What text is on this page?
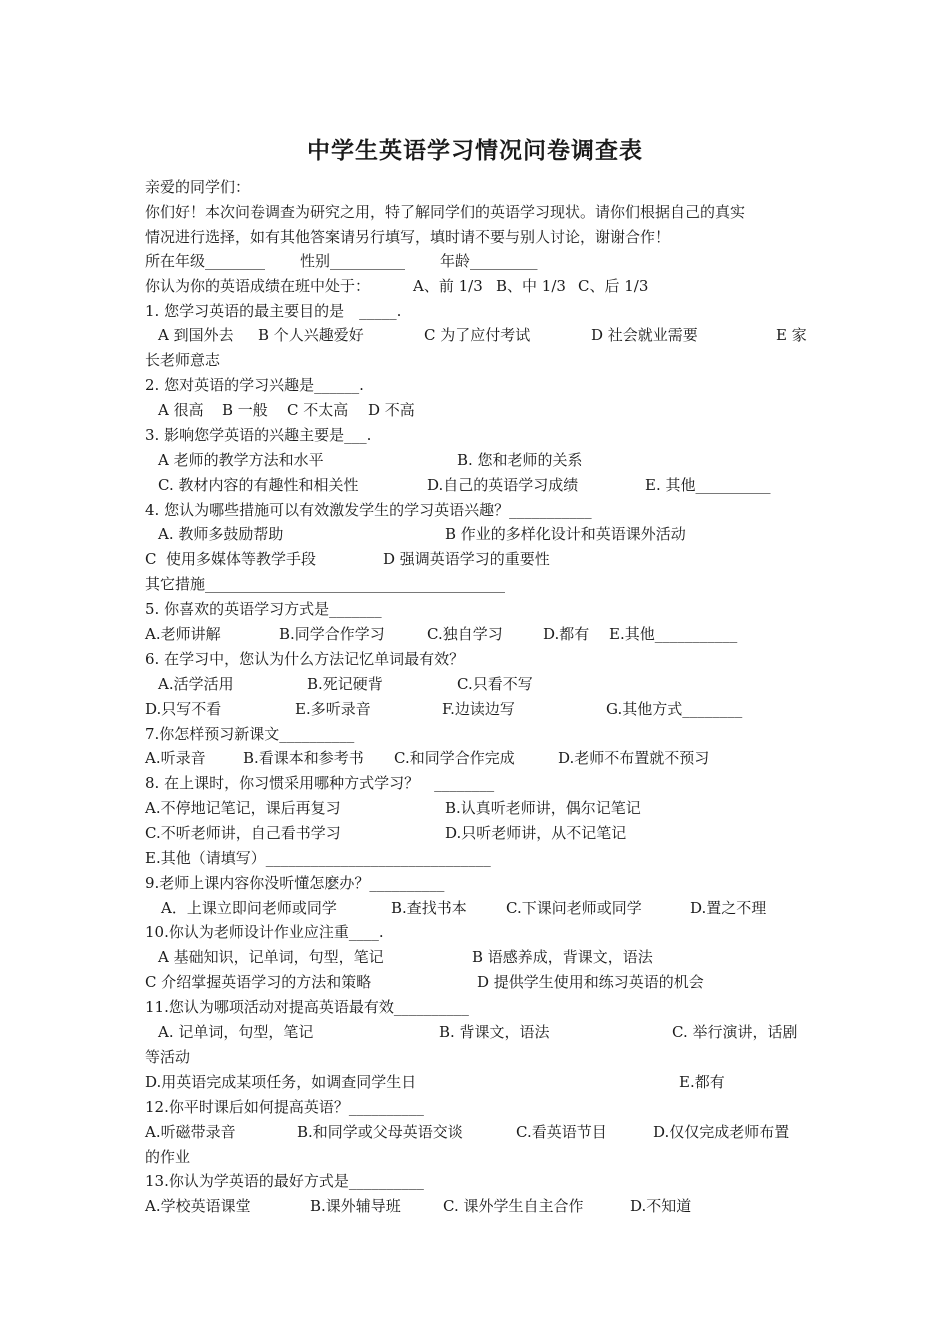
中学生英语学习情况问卷调查表
亲爱的同学们：
你们好！本次问卷调查为研究之用，特了解同学们的英语学习现状。请你们根据自己的真实
情况进行选择，如有其他答案请另行填写，填时请不要与别人讨论，谢谢合作！

所在年级________

性别__________

年龄_________

你认为你的英语成绩在班中处于：

	A、前 1/3

B、中 1/3

C、后 1/3

1. 您学习英语的最主要目的是　_____.

A 到国外去

B 个人兴趣爱好

	C 为了应付考试

	D 社会就业需要

	E 家

长老师意志
2. 您对英语的学习兴趣是______.

A 很高

B 一般

C 不太高

D 不高

3. 影响您学英语的兴趣主要是___.

A 老师的教学方法和水平

	B. 您和老师的关系

C. 教材内容的有趣性和相关性

	D.自己的英语学习成绩

	E. 其他__________

4. 您认为哪些措施可以有效激发学生的学习英语兴趣？___________

A. 教师多鼓励帮助

	B 作业的多样化设计和英语课外活动

C  使用多媒体等教学手段

	D 强调英语学习的重要性

其它措施________________________________________
5. 你喜欢的英语学习方式是_______

A.老师讲解

	B.同学合作学习

	C.独自学习

	D.都有

E.其他___________

6. 在学习中，您认为什么方法记忆单词最有效？

A.活学活用

	B.死记硬背

	C.只看不写

D.只写不看

	E.多听录音

	F.边读边写

	G.其他方式________

7.你怎样预习新课文__________

A.听录音

B.看课本和参考书

C.和同学合作完成

	D.老师不布置就不预习

8. 在上课时，你习惯采用哪种方式学习？　________

A.不停地记笔记，课后再复习

	B.认真听老师讲，偶尔记笔记

C.不听老师讲，自己看书学习

	D.只听老师讲，从不记笔记

E.其他（请填写）______________________________
9.老师上课内容你没听懂怎麽办？__________

A．上课立即问老师或同学

	B.查找书本

	C.下课问老师或同学

	D.置之不理

10.你认为老师设计作业应注重____.

A 基础知识，记单词，句型，笔记

	B 语感养成，背课文，语法

C 介绍掌握英语学习的方法和策略

	D 提供学生使用和练习英语的机会

11.您认为哪项活动对提高英语最有效__________

A. 记单词，句型，笔记

	B. 背课文，语法

	C. 举行演讲，话剧

等活动

D.用英语完成某项任务，如调查同学生日

	E.都有

12.你平时课后如何提高英语？__________

A.听磁带录音

	B.和同学或父母英语交谈

	C.看英语节目

	D.仅仅完成老师布置

的作业
13.你认为学英语的最好方式是__________

A.学校英语课堂

	B.课外辅导班

	C. 课外学生自主合作

	D.不知道
